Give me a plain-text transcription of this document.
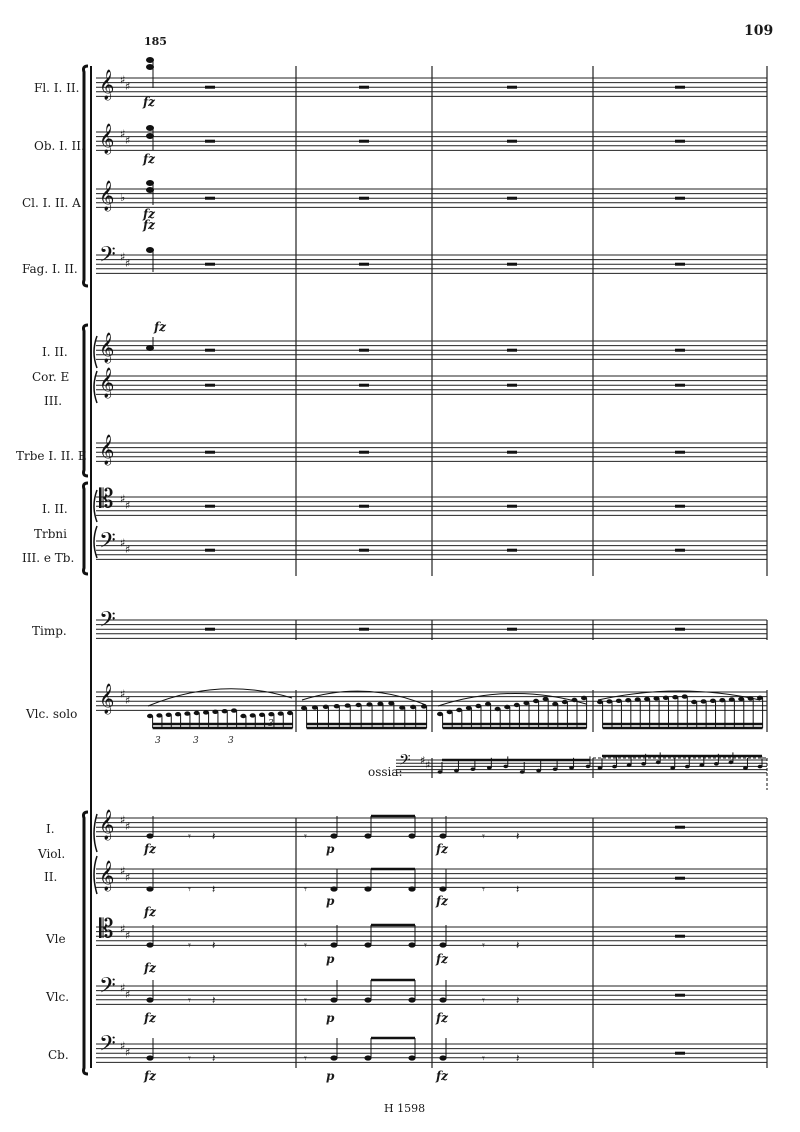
109
185
Fl. I. II.
Ob. I. II.
Cl. I. II. A
Fag. I. II.
I. II.
Cor. E
III.
Trbe I. II. E
I. II.
Trbni
III. e Tb.
Timp.
Vlc. solo
I.
Viol.
II.
Vle
Vlc.
Cb.
𝄞 ♯ ♯
𝄞 ♯ ♯
𝄞 ♭
𝄢 ♯ ♯
𝄞
𝄞
𝄞
𝄡 ♯ ♯
𝄢 ♯ ♯
𝄢
𝄞 ♯ ♯
𝄢 ♯ ♯
𝄞 ♯ ♯
𝄞 ♯ ♯
𝄡 ♯ ♯
𝄢 ♯ ♯
𝄢 ♯ ♯
fz
fz
fz
fz
fz
3	3	3
3
ossia:
𝄾 𝄽	𝄾	𝄾	𝄽
𝄾 𝄽	𝄾	𝄾	𝄽
𝄾 𝄽	𝄾	𝄾	𝄽
𝄾 𝄽	𝄾	𝄾	𝄽
𝄾 𝄽	𝄾	𝄾	𝄽
fz	p	fz
fz
p	fz
fz
p	fz
fz	p	fz
fz	p	fz
H 1598
